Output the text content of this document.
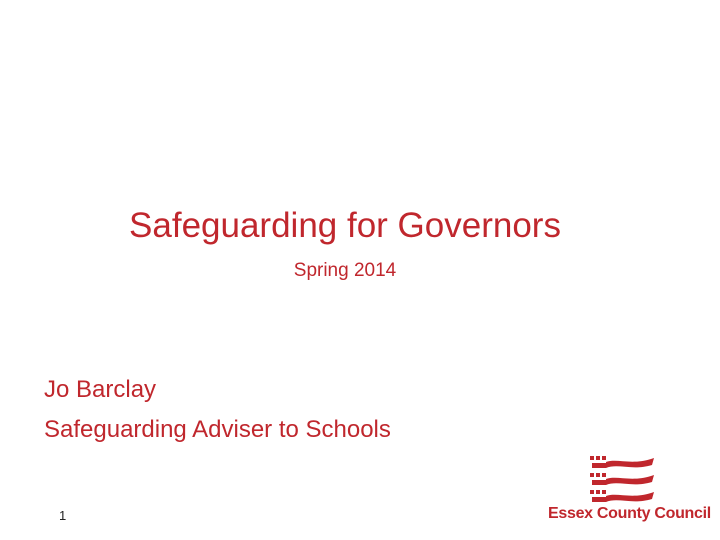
Safeguarding for Governors
Spring 2014
Jo Barclay
Safeguarding Adviser to Schools
1	Essex County Council
